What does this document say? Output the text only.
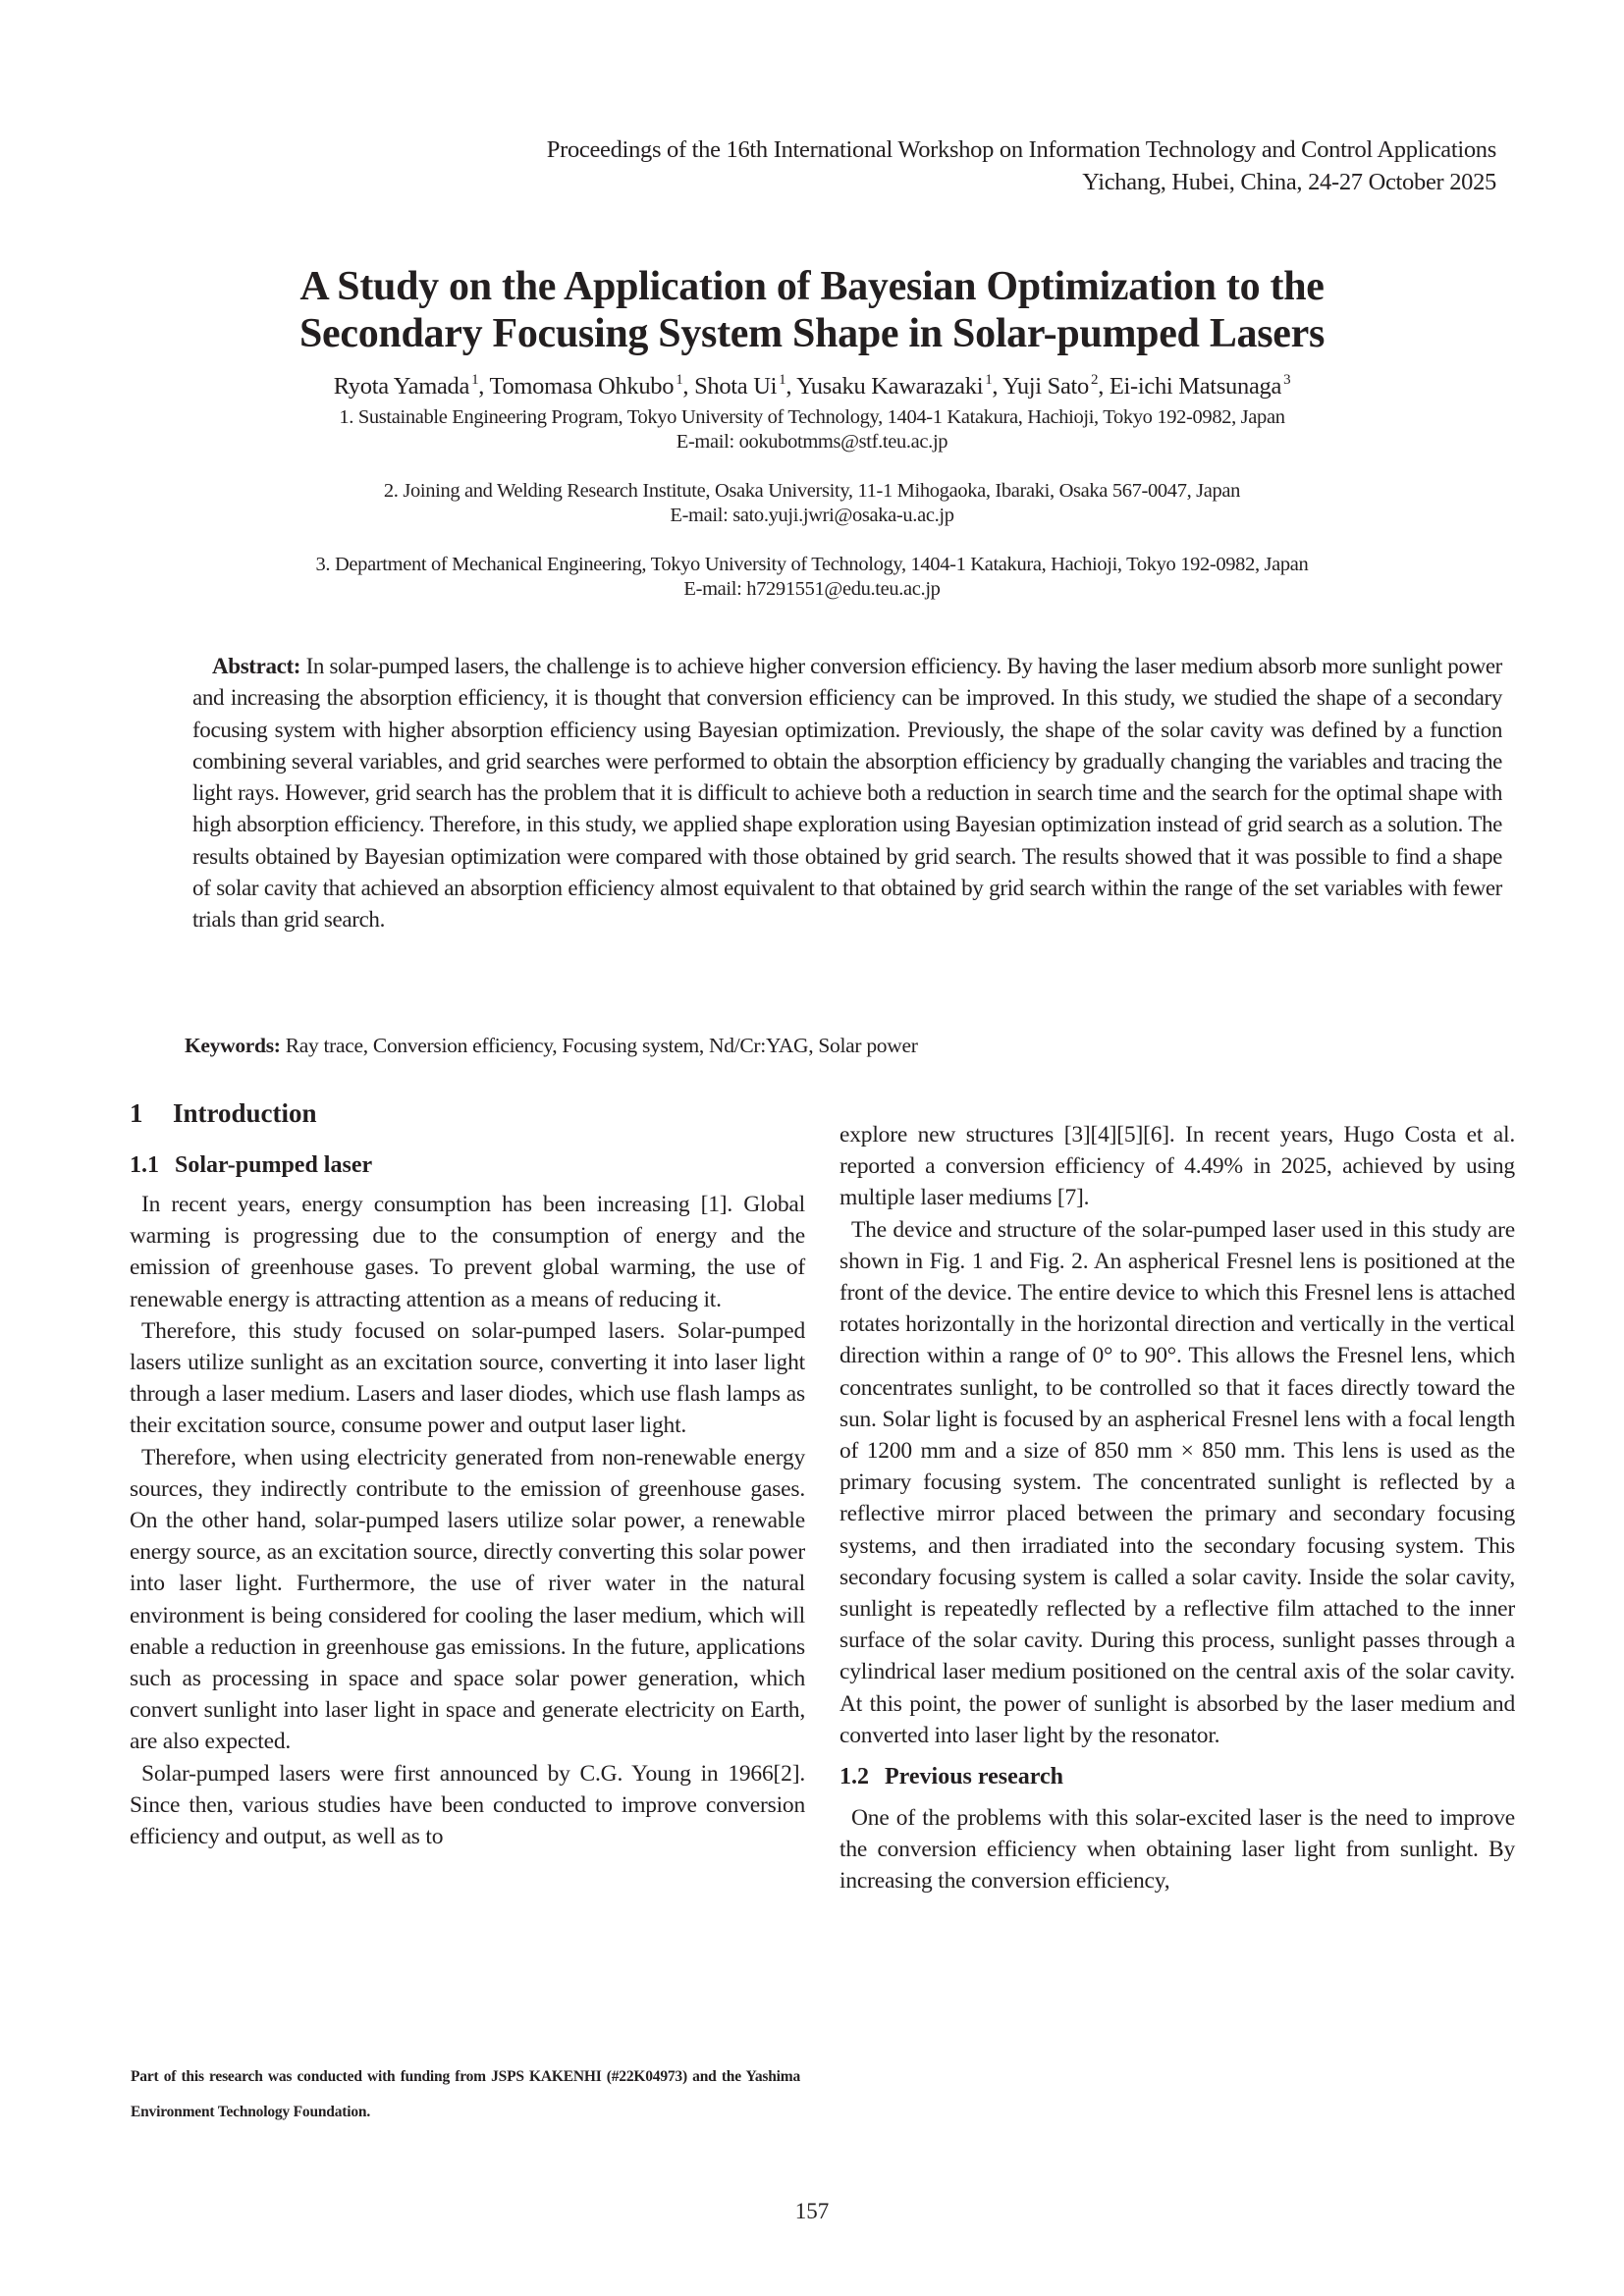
Proceedings of the 16th International Workshop on Information Technology and Control Applications
Yichang, Hubei, China, 24-27 October 2025
A Study on the Application of Bayesian Optimization to the
Secondary Focusing System Shape in Solar-pumped Lasers
Ryota Yamada $^1$, Tomomasa Ohkubo $^1$, Shota Ui $^1$, Yusaku Kawarazaki $^1$, Yuji Sato $^2$, Ei-ichi Matsunaga $^3$
1. Sustainable Engineering Program, Tokyo University of Technology, 1404-1 Katakura, Hachioji, Tokyo 192-0982, Japan
E-mail: ookubotmms@stf.teu.ac.jp
2. Joining and Welding Research Institute, Osaka University, 11-1 Mihogaoka, Ibaraki, Osaka 567-0047, Japan
E-mail: sato.yuji.jwri@osaka-u.ac.jp
3. Department of Mechanical Engineering, Tokyo University of Technology, 1404-1 Katakura, Hachioji, Tokyo 192-0982, Japan
E-mail: h7291551@edu.teu.ac.jp
Abstract: In solar-pumped lasers, the challenge is to achieve higher conversion efficiency. By having the laser medium absorb more sunlight power and increasing the absorption efficiency, it is thought that conversion efficiency can be improved. In this study, we studied the shape of a secondary focusing system with higher absorption efficiency using Bayesian optimization. Previously, the shape of the solar cavity was defined by a function combining several variables, and grid searches were performed to obtain the absorption efficiency by gradually changing the variables and tracing the light rays. However, grid search has the problem that it is difficult to achieve both a reduction in search time and the search for the optimal shape with high absorption efficiency. Therefore, in this study, we applied shape exploration using Bayesian optimization instead of grid search as a solution. The results obtained by Bayesian optimization were compared with those obtained by grid search. The results showed that it was possible to find a shape of solar cavity that achieved an absorption efficiency almost equivalent to that obtained by grid search within the range of the set variables with fewer trials than grid search.
Keywords: Ray trace, Conversion efficiency, Focusing system, Nd/Cr:YAG, Solar power
1 Introduction
1.1 Solar-pumped laser

In recent years, energy consumption has been increasing [1]. Global warming is progressing due to the consumption of energy and the emission of greenhouse gases. To prevent global warming, the use of renewable energy is attracting attention as a means of reducing it.

Therefore, this study focused on solar-pumped lasers. Solar-pumped lasers utilize sunlight as an excitation source, converting it into laser light through a laser medium. Lasers and laser diodes, which use flash lamps as their excitation source, consume power and output laser light.

Therefore, when using electricity generated from non-renewable energy sources, they indirectly contribute to the emission of greenhouse gases. On the other hand, solar-pumped lasers utilize solar power, a renewable energy source, as an excitation source, directly converting this solar power into laser light. Furthermore, the use of river water in the natural environment is being considered for cooling the laser medium, which will enable a reduction in greenhouse gas emissions. In the future, applications such as processing in space and space solar power generation, which convert sunlight into laser light in space and generate electricity on Earth, are also expected.

Solar-pumped lasers were first announced by C.G. Young in 1966[2]. Since then, various studies have been conducted to improve conversion efficiency and output, as well as to

explore new structures [3][4][5][6]. In recent years, Hugo Costa et al. reported a conversion efficiency of 4.49% in 2025, achieved by using multiple laser mediums [7].

The device and structure of the solar-pumped laser used in this study are shown in Fig. 1 and Fig. 2. An aspherical Fresnel lens is positioned at the front of the device. The entire device to which this Fresnel lens is attached rotates horizontally in the horizontal direction and vertically in the vertical direction within a range of 0° to 90°. This allows the Fresnel lens, which concentrates sunlight, to be controlled so that it faces directly toward the sun. Solar light is focused by an aspherical Fresnel lens with a focal length of 1200 mm and a size of 850 mm × 850 mm. This lens is used as the primary focusing system. The concentrated sunlight is reflected by a reflective mirror placed between the primary and secondary focusing systems, and then irradiated into the secondary focusing system. This secondary focusing system is called a solar cavity. Inside the solar cavity, sunlight is repeatedly reflected by a reflective film attached to the inner surface of the solar cavity. During this process, sunlight passes through a cylindrical laser medium positioned on the central axis of the solar cavity. At this point, the power of sunlight is absorbed by the laser medium and converted into laser light by the resonator.

1.2 Previous research

One of the problems with this solar-excited laser is the need to improve the conversion efficiency when obtaining laser light from sunlight. By increasing the conversion efficiency,

Part of this research was conducted with funding from JSPS KAKENHI (#22K04973) and the Yashima Environment Technology Foundation.
157
